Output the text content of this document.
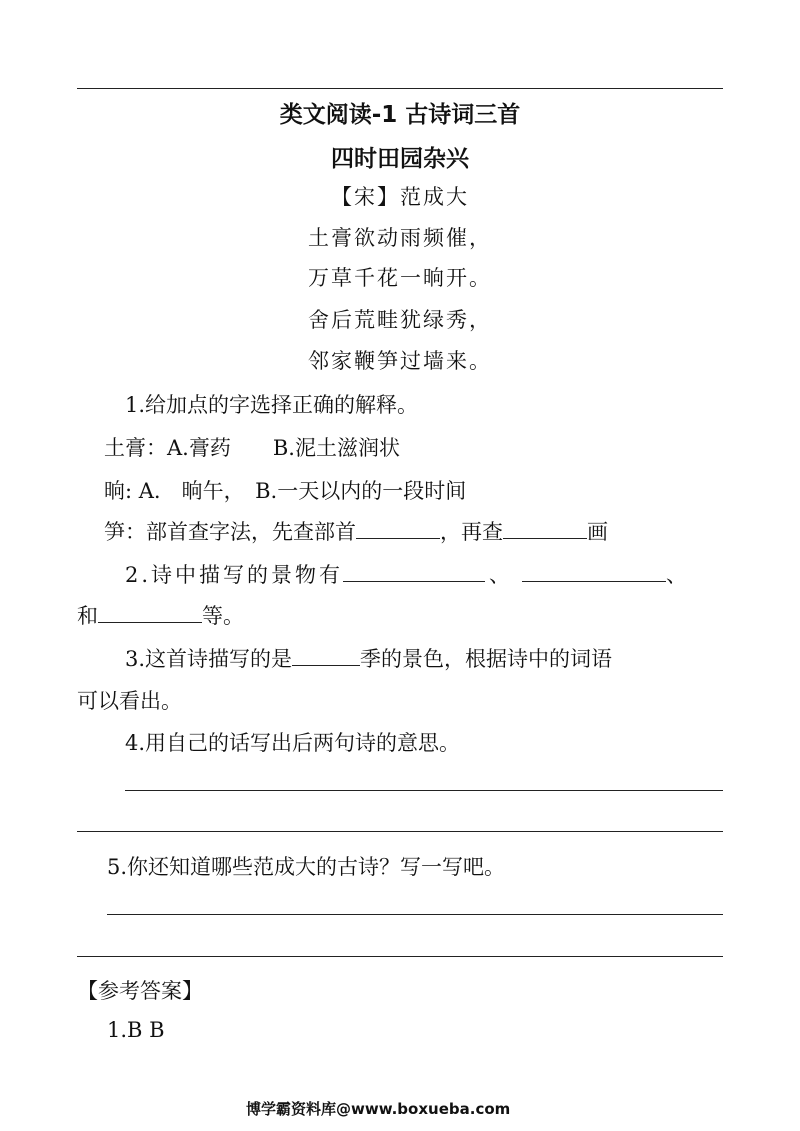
类文阅读-1 古诗词三首
四时田园杂兴
【宋】范成大
土膏欲动雨频催，
万草千花一晌开。
舍后荒畦犹绿秀，
邻家鞭笋过墙来。
1.给加点的字选择正确的解释。
土膏：A.膏药　　B.泥土滋润状
晌: A.　晌午，　B.一天以内的一段时间
笋：部首查字法，先查部首	，再查	画
2.诗中描写的景物有	、	、
和	等。
3.这首诗描写的是	季的景色，根据诗中的词语
可以看出。
4.用自己的话写出后两句诗的意思。
5.你还知道哪些范成大的古诗？写一写吧。
【参考答案】
1.B B
博学霸资料库@www.boxueba.com
